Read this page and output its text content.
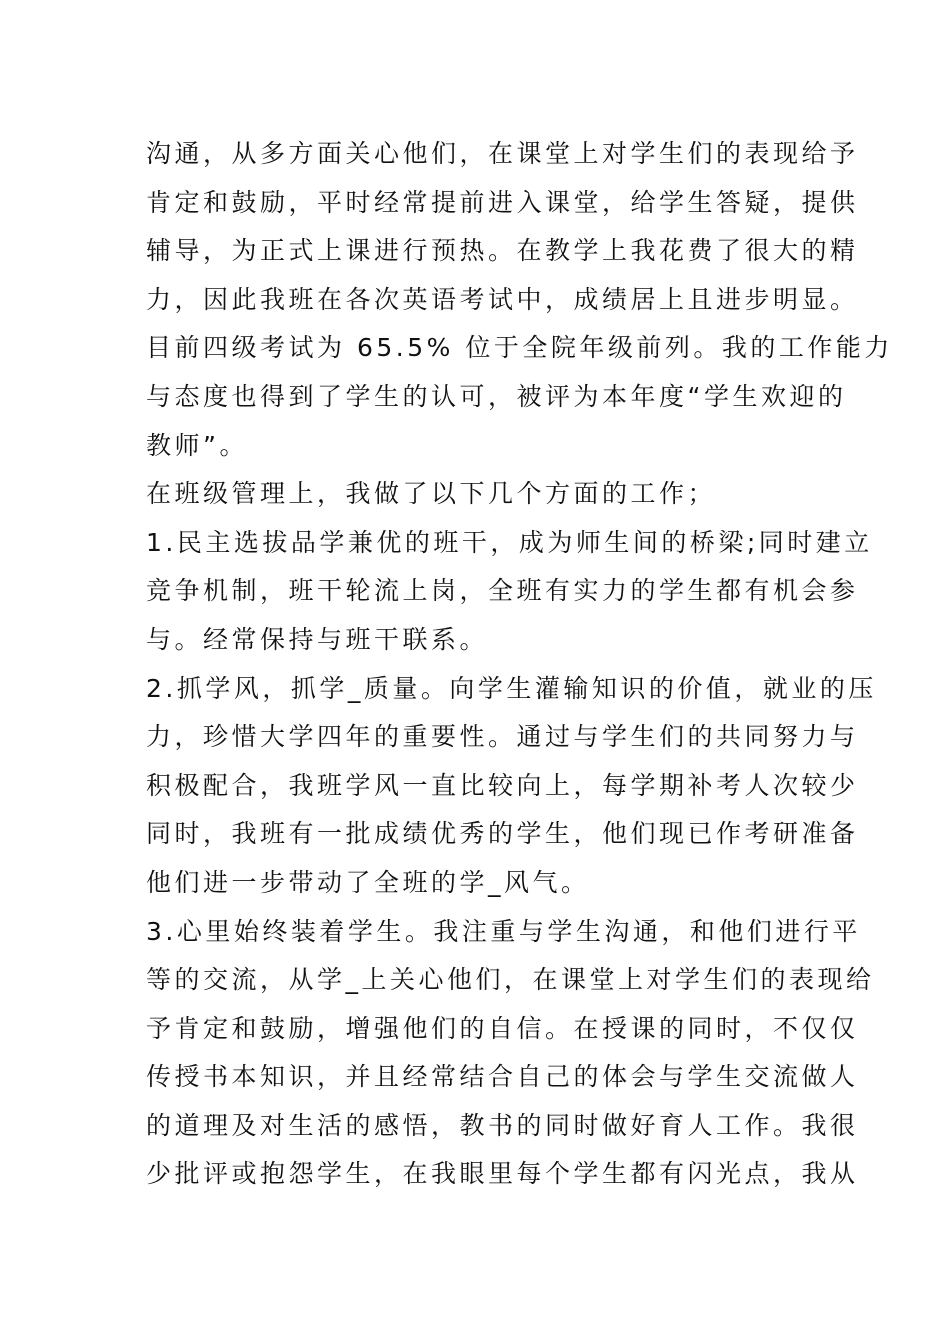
沟通，从多方面关心他们，在课堂上对学生们的表现给予
肯定和鼓励，平时经常提前进入课堂，给学生答疑，提供
辅导，为正式上课进行预热。在教学上我花费了很大的精
力，因此我班在各次英语考试中，成绩居上且进步明显。
目前四级考试为 65.5% 位于全院年级前列。我的工作能力
与态度也得到了学生的认可，被评为本年度“学生欢迎的
教师”。
在班级管理上，我做了以下几个方面的工作；
1.民主选拔品学兼优的班干，成为师生间的桥梁;同时建立
竞争机制，班干轮流上岗，全班有实力的学生都有机会参
与。经常保持与班干联系。
2.抓学风，抓学_质量。向学生灌输知识的价值，就业的压
力，珍惜大学四年的重要性。通过与学生们的共同努力与
积极配合，我班学风一直比较向上，每学期补考人次较少
同时，我班有一批成绩优秀的学生，他们现已作考研准备
他们进一步带动了全班的学_风气。
3.心里始终装着学生。我注重与学生沟通，和他们进行平
等的交流，从学_上关心他们，在课堂上对学生们的表现给
予肯定和鼓励，增强他们的自信。在授课的同时，不仅仅
传授书本知识，并且经常结合自己的体会与学生交流做人
的道理及对生活的感悟，教书的同时做好育人工作。我很
少批评或抱怨学生，在我眼里每个学生都有闪光点，我从
